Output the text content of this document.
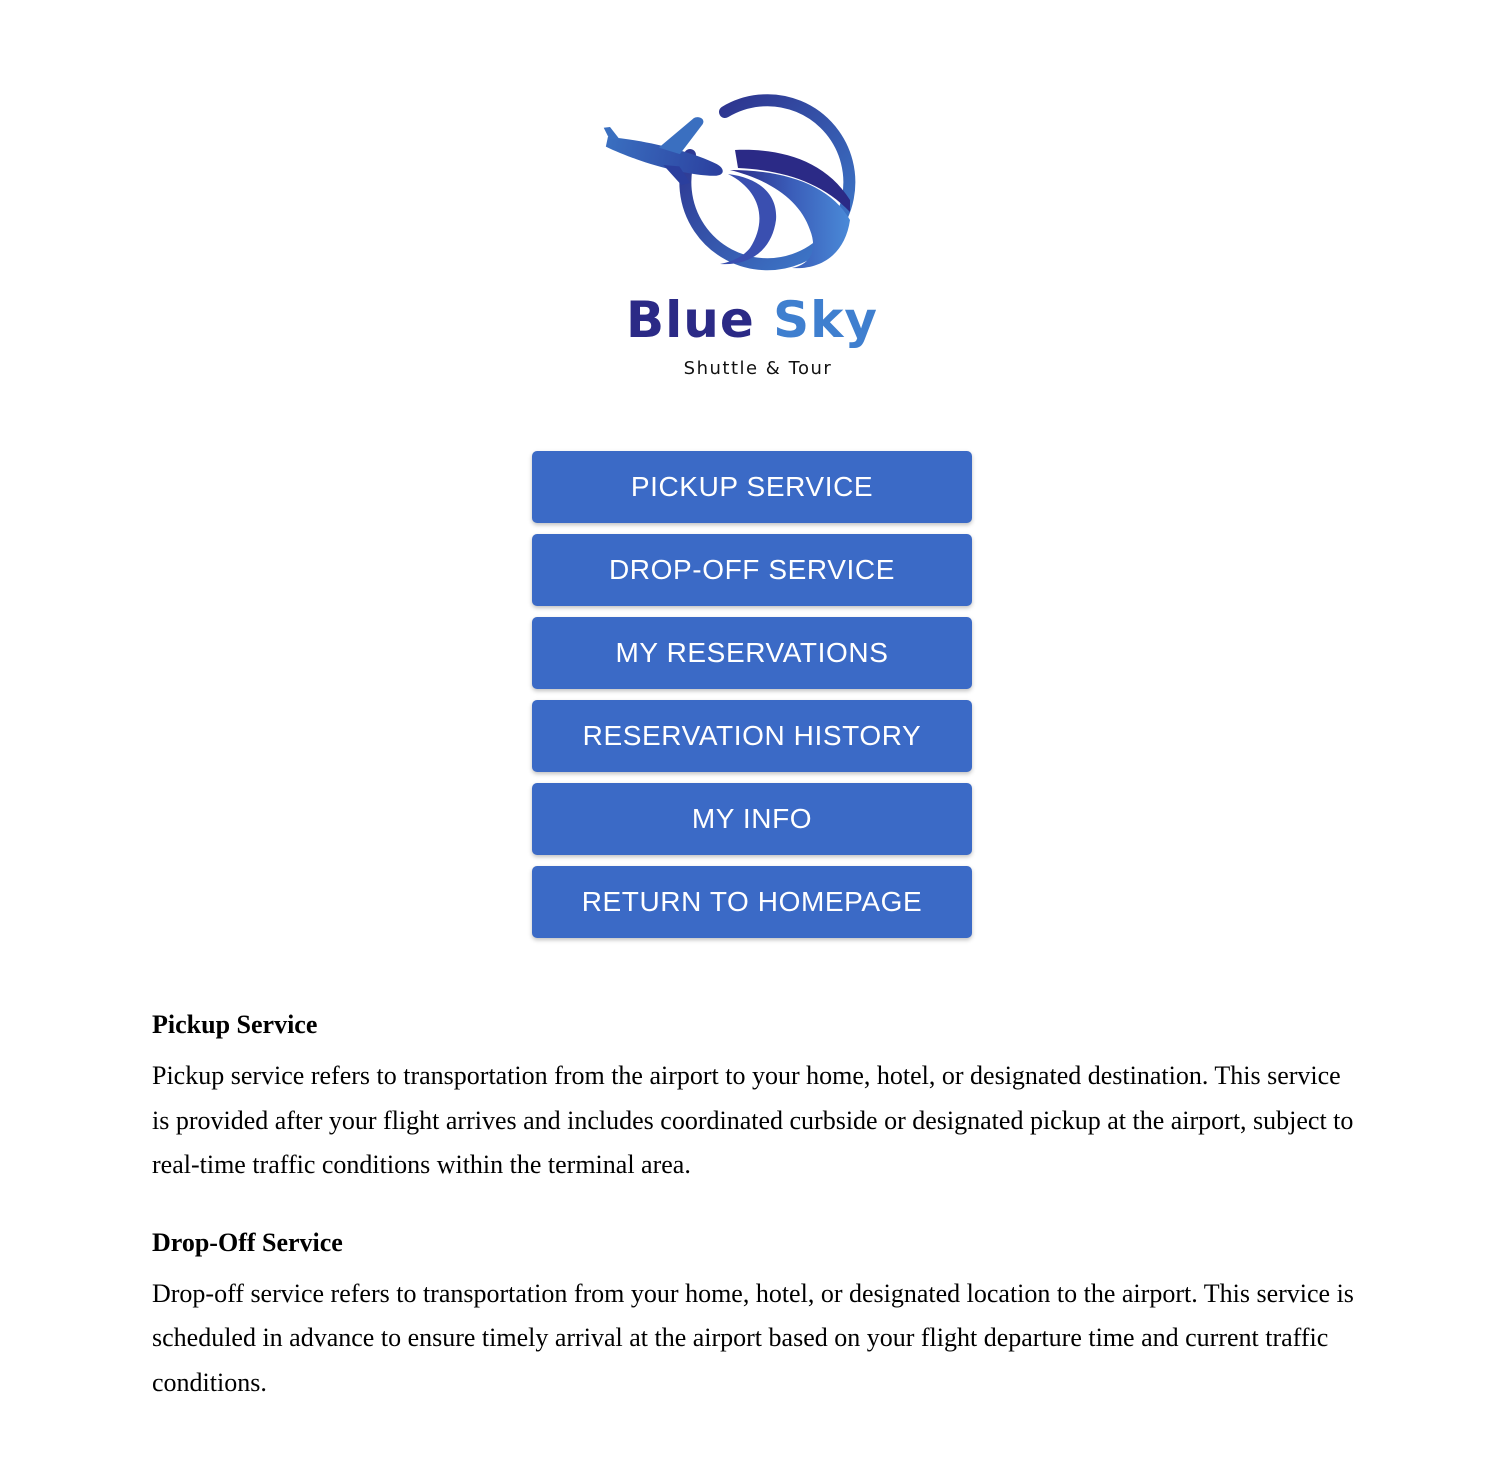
Blue Sky
Shuttle & Tour
PICKUP SERVICE
DROP-OFF SERVICE
MY RESERVATIONS
RESERVATION HISTORY
MY INFO
RETURN TO HOMEPAGE
Pickup Service

Pickup service refers to transportation from the airport to your home, hotel, or designated destination. This service is provided after your flight arrives and includes coordinated curbside or designated pickup at the airport, subject to real-time traffic conditions within the terminal area.

Drop-Off Service

Drop-off service refers to transportation from your home, hotel, or designated location to the airport. This service is scheduled in advance to ensure timely arrival at the airport based on your flight departure time and current traffic conditions.
